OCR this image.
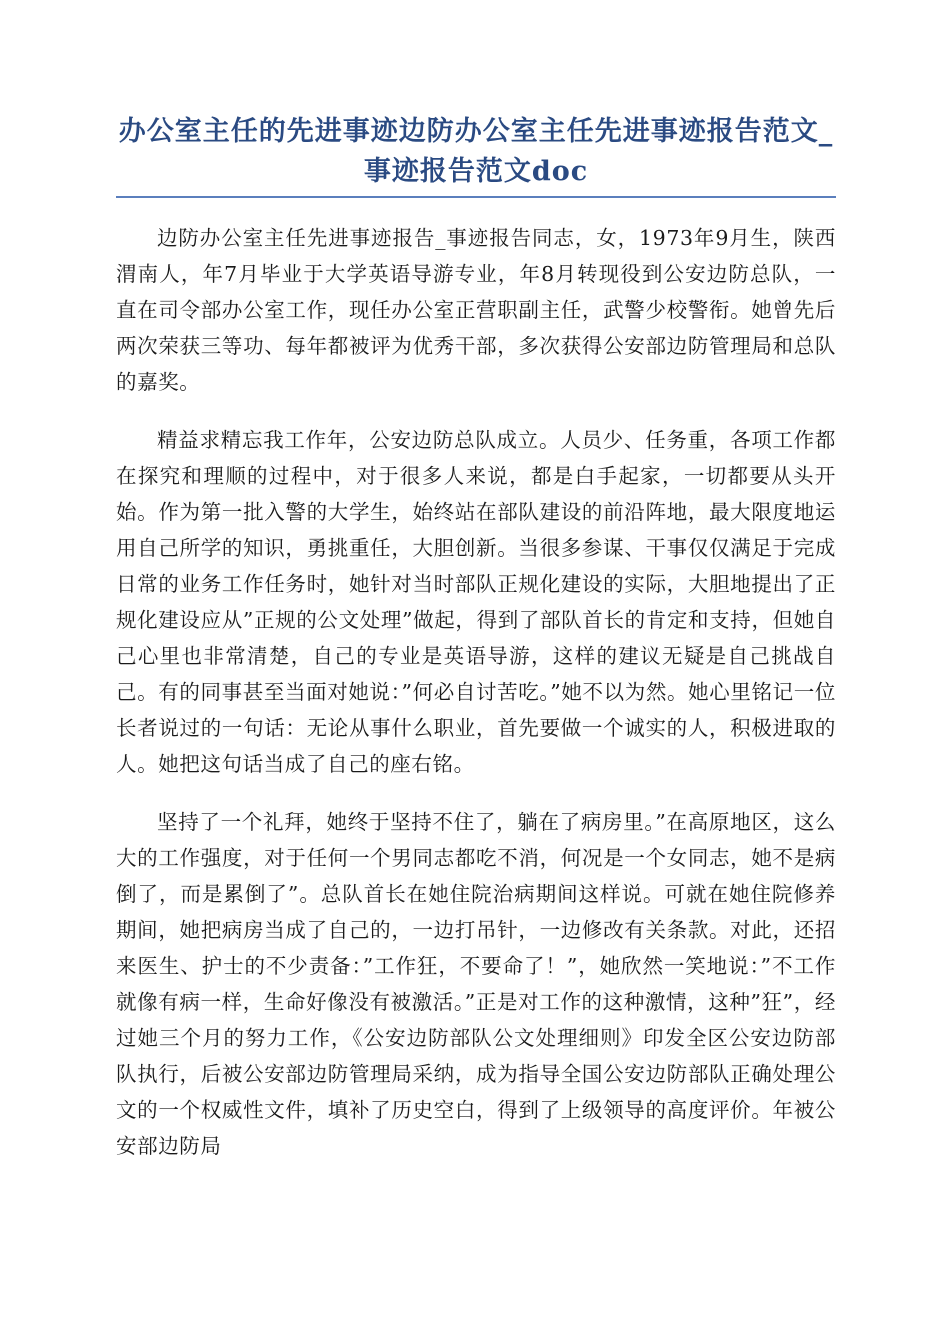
办公室主任的先进事迹边防办公室主任先进事迹报告范文_事迹报告范文doc

边防办公室主任先进事迹报告_事迹报告同志，女，1973年9月生，陕西渭南人，年7月毕业于大学英语导游专业，年8月转现役到公安边防总队，一直在司令部办公室工作，现任办公室正营职副主任，武警少校警衔。她曾先后两次荣获三等功、每年都被评为优秀干部，多次获得公安部边防管理局和总队的嘉奖。

精益求精忘我工作年，公安边防总队成立。人员少、任务重，各项工作都在探究和理顺的过程中，对于很多人来说，都是白手起家，一切都要从头开始。作为第一批入警的大学生，始终站在部队建设的前沿阵地，最大限度地运用自己所学的知识，勇挑重任，大胆创新。当很多参谋、干事仅仅满足于完成日常的业务工作任务时，她针对当时部队正规化建设的实际，大胆地提出了正规化建设应从”正规的公文处理”做起，得到了部队首长的肯定和支持，但她自己心里也非常清楚，自己的专业是英语导游，这样的建议无疑是自己挑战自己。有的同事甚至当面对她说：”何必自讨苦吃。”她不以为然。她心里铭记一位长者说过的一句话：无论从事什么职业，首先要做一个诚实的人，积极进取的人。她把这句话当成了自己的座右铭。

坚持了一个礼拜，她终于坚持不住了，躺在了病房里。”在高原地区，这么大的工作强度，对于任何一个男同志都吃不消，何况是一个女同志，她不是病倒了，而是累倒了”。总队首长在她住院治病期间这样说。可就在她住院修养期间，她把病房当成了自己的，一边打吊针，一边修改有关条款。对此，还招来医生、护士的不少责备：”工作狂，不要命了！”，她欣然一笑地说：”不工作就像有病一样，生命好像没有被激活。”正是对工作的这种激情，这种”狂”，经过她三个月的努力工作，《公安边防部队公文处理细则》印发全区公安边防部队执行，后被公安部边防管理局采纳，成为指导全国公安边防部队正确处理公文的一个权威性文件，填补了历史空白，得到了上级领导的高度评价。年被公安部边防局
